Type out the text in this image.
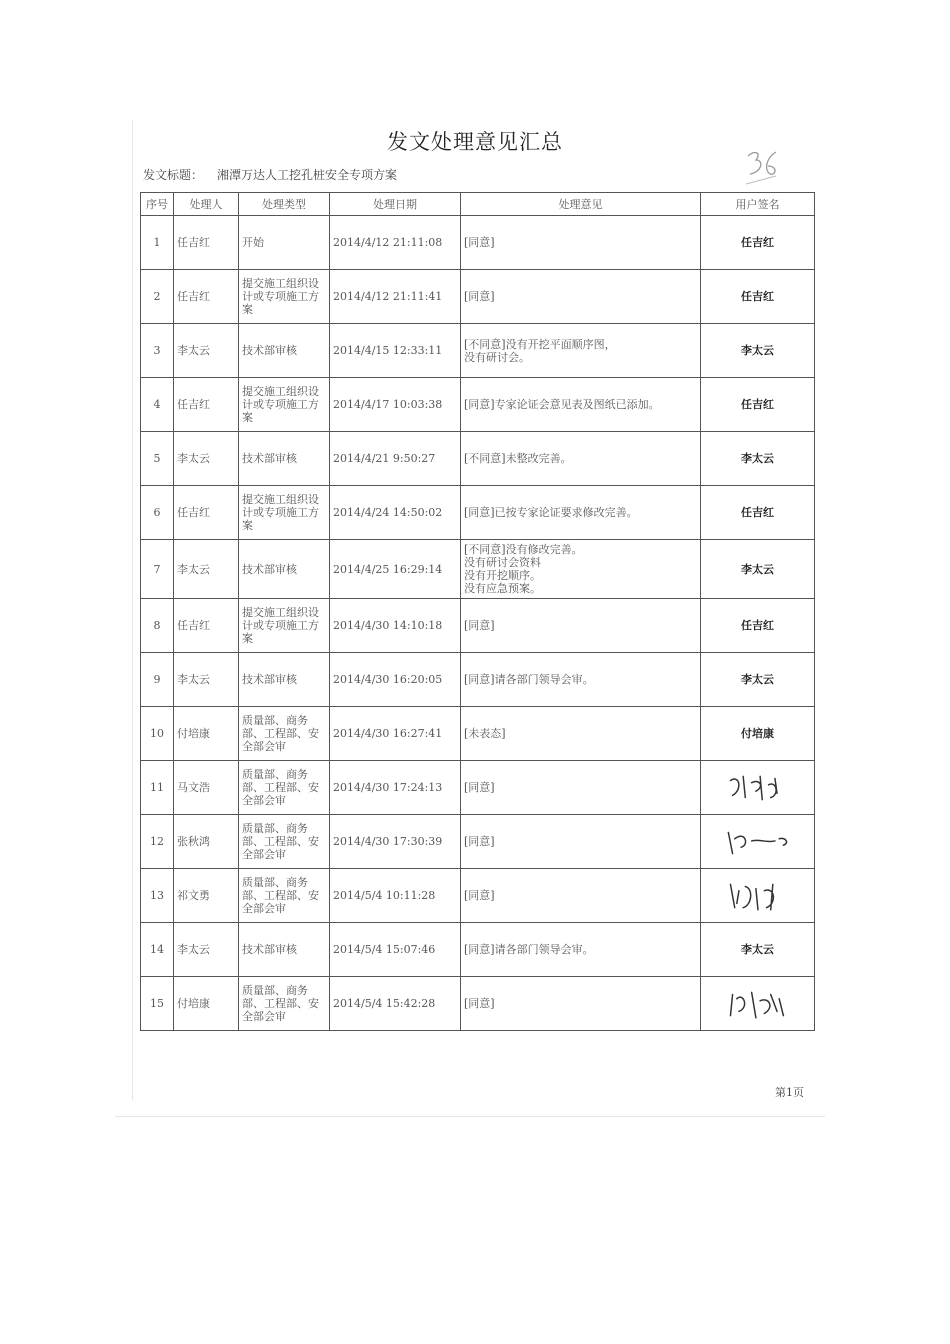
发文处理意见汇总
发文标题： 湘潭万达人工挖孔桩安全专项方案
序号	处理人	处理类型	处理日期	处理意见	用户签名
1	任吉红	开始	2014/4/12 21:11:08	[同意]	任吉红
2	任吉红	提交施工组织设计或专项施工方案	2014/4/12 21:11:41	[同意]	任吉红
3	李太云	技术部审核	2014/4/15 12:33:11	[不同意]没有开挖平面顺序图，
没有研讨会。	李太云
4	任吉红	提交施工组织设计或专项施工方案	2014/4/17 10:03:38	[同意]专家论证会意见表及图纸已添加。	任吉红
5	李太云	技术部审核	2014/4/21 9:50:27	[不同意]未整改完善。	李太云
6	任吉红	提交施工组织设计或专项施工方案	2014/4/24 14:50:02	[同意]已按专家论证要求修改完善。	任吉红
7	李太云	技术部审核	2014/4/25 16:29:14	[不同意]没有修改完善。
没有研讨会资料
没有开挖顺序。
没有应急预案。	李太云
8	任吉红	提交施工组织设计或专项施工方案	2014/4/30 14:10:18	[同意]	任吉红
9	李太云	技术部审核	2014/4/30 16:20:05	[同意]请各部门领导会审。	李太云
10	付培康	质量部、商务部、工程部、安全部会审	2014/4/30 16:27:41	[未表态]	付培康
11	马文浩	质量部、商务部、工程部、安全部会审	2014/4/30 17:24:13	[同意]

12	张秋鸿	质量部、商务部、工程部、安全部会审	2014/4/30 17:30:39	[同意]

13	祁文勇	质量部、商务部、工程部、安全部会审	2014/5/4 10:11:28	[同意]

14	李太云	技术部审核	2014/5/4 15:07:46	[同意]请各部门领导会审。	李太云
15	付培康	质量部、商务部、工程部、安全部会审	2014/5/4 15:42:28	[同意]

第1页
